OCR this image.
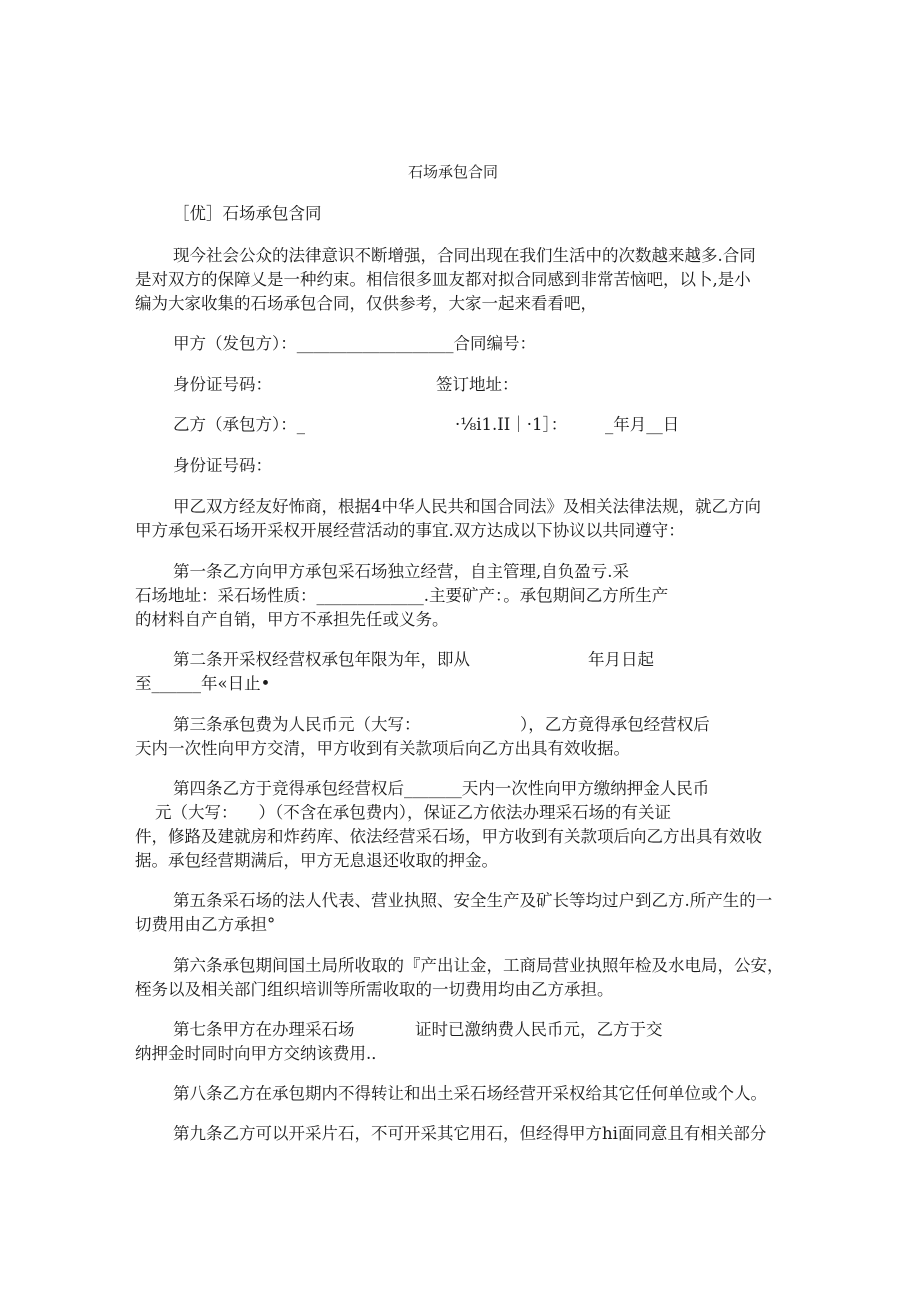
石场承包合同
［优］石场承包含同
现今社会公众的法律意识不断增强，合同出现在我们生活中的次数越来越多.合同
是对双方的保障乂是一种约束。相信很多皿友都对拟合同感到非常苦恼吧，以卜,是小
编为大家收集的石场承包合同，仅供参考，大家一起来看看吧，
甲方（发包方）：___________________合同编号：
身份证号码：	签订地址：
乙方（承包方）：_	·⅛i1.II｜·1］： _年月__日
身份证号码：
甲乙双方经友好怖商，根据4中华人民共和国合同法》及相关法律法规，就乙方向
甲方承包采石场开采权开展经营活动的事宜.双方达成以下协议以共同遵守：
第一条乙方向甲方承包采石场独立经营，自主管理,自负盈亏.采
石场地址：采石场性质：_____________.主要矿产：。承包期间乙方所生产
的材料自产自销，甲方不承担先任或义务。
第二条开采权经营权承包年限为年，即从	年月日起
至______年«日止•
第三条承包费为人民币元（大写：	），乙方竟得承包经营权后
天内一次性向甲方交清，甲方收到有关款项后向乙方出具有效收据。
第四条乙方于竞得承包经营权后_______天内一次性向甲方缴纳押金人民币
元（大写：    ）（不含在承包费内），保证乙方依法办理采石场的有关证
件，修路及建就房和炸药库、依法经营采石场，甲方收到有关款项后向乙方出具有效收
据。承包经营期满后，甲方无息退还收取的押金。
第五条采石场的法人代表、营业执照、安全生产及矿长等均过户到乙方.所产生的一
切费用由乙方承担°
第六条承包期间国土局所收取的『产出让金，工商局营业执照年检及水电局，公安，
桎务以及相关部门组织培训等所需收取的一切费用均由乙方承担。
第七条甲方在办理采石场	证时已激纳费人民币元，乙方于交
纳押金时同时向甲方交纳该费用.．
第八条乙方在承包期内不得转让和出土采石场经营开采权给其它任何单位或个人。
第九条乙方可以开采片石，不可开采其它用石，但经得甲方hi面同意且有相关部分
